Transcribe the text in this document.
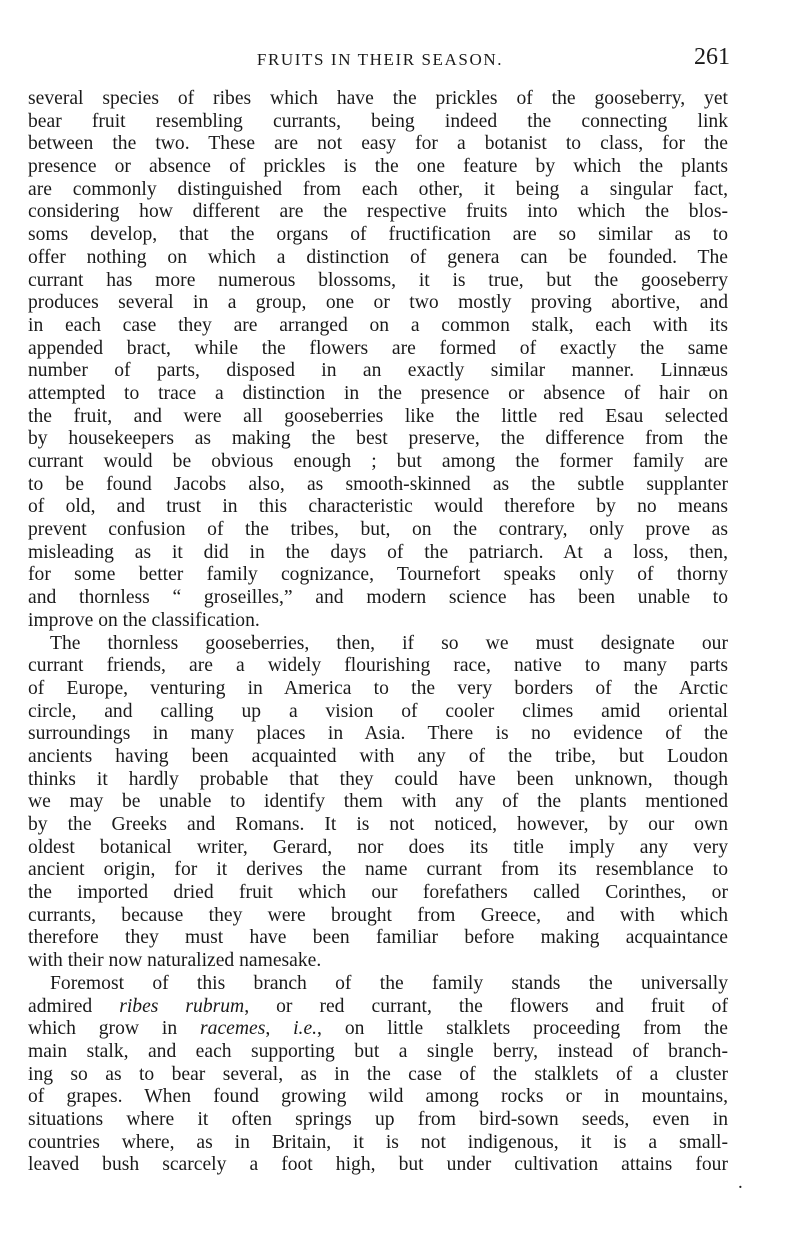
FRUITS IN THEIR SEASON.	261
several species of ribes which have the prickles of the gooseberry, yet
bear fruit resembling currants, being indeed the connecting link
between the two. These are not easy for a botanist to class, for the
presence or absence of prickles is the one feature by which the plants
are commonly distinguished from each other, it being a singular fact,
considering how different are the respective fruits into which the blos-
soms develop, that the organs of fructification are so similar as to
offer nothing on which a distinction of genera can be founded. The
currant has more numerous blossoms, it is true, but the gooseberry
produces several in a group, one or two mostly proving abortive, and
in each case they are arranged on a common stalk, each with its
appended bract, while the flowers are formed of exactly the same
number of parts, disposed in an exactly similar manner. Linnæus
attempted to trace a distinction in the presence or absence of hair on
the fruit, and were all gooseberries like the little red Esau selected
by housekeepers as making the best preserve, the difference from the
currant would be obvious enough ; but among the former family are
to be found Jacobs also, as smooth-skinned as the subtle supplanter
of old, and trust in this characteristic would therefore by no means
prevent confusion of the tribes, but, on the contrary, only prove as
misleading as it did in the days of the patriarch. At a loss, then,
for some better family cognizance, Tournefort speaks only of thorny
and thornless “ groseilles,” and modern science has been unable to
improve on the classification.
The thornless gooseberries, then, if so we must designate our
currant friends, are a widely flourishing race, native to many parts
of Europe, venturing in America to the very borders of the Arctic
circle, and calling up a vision of cooler climes amid oriental
surroundings in many places in Asia. There is no evidence of the
ancients having been acquainted with any of the tribe, but Loudon
thinks it hardly probable that they could have been unknown, though
we may be unable to identify them with any of the plants mentioned
by the Greeks and Romans. It is not noticed, however, by our own
oldest botanical writer, Gerard, nor does its title imply any very
ancient origin, for it derives the name currant from its resemblance to
the imported dried fruit which our forefathers called Corinthes, or
currants, because they were brought from Greece, and with which
therefore they must have been familiar before making acquaintance
with their now naturalized namesake.
Foremost of this branch of the family stands the universally
admired ribes rubrum, or red currant, the flowers and fruit of
which grow in racemes, i.e., on little stalklets proceeding from the
main stalk, and each supporting but a single berry, instead of branch-
ing so as to bear several, as in the case of the stalklets of a cluster
of grapes. When found growing wild among rocks or in mountains,
situations where it often springs up from bird-sown seeds, even in
countries where, as in Britain, it is not indigenous, it is a small-
leaved bush scarcely a foot high, but under cultivation attains four
.
